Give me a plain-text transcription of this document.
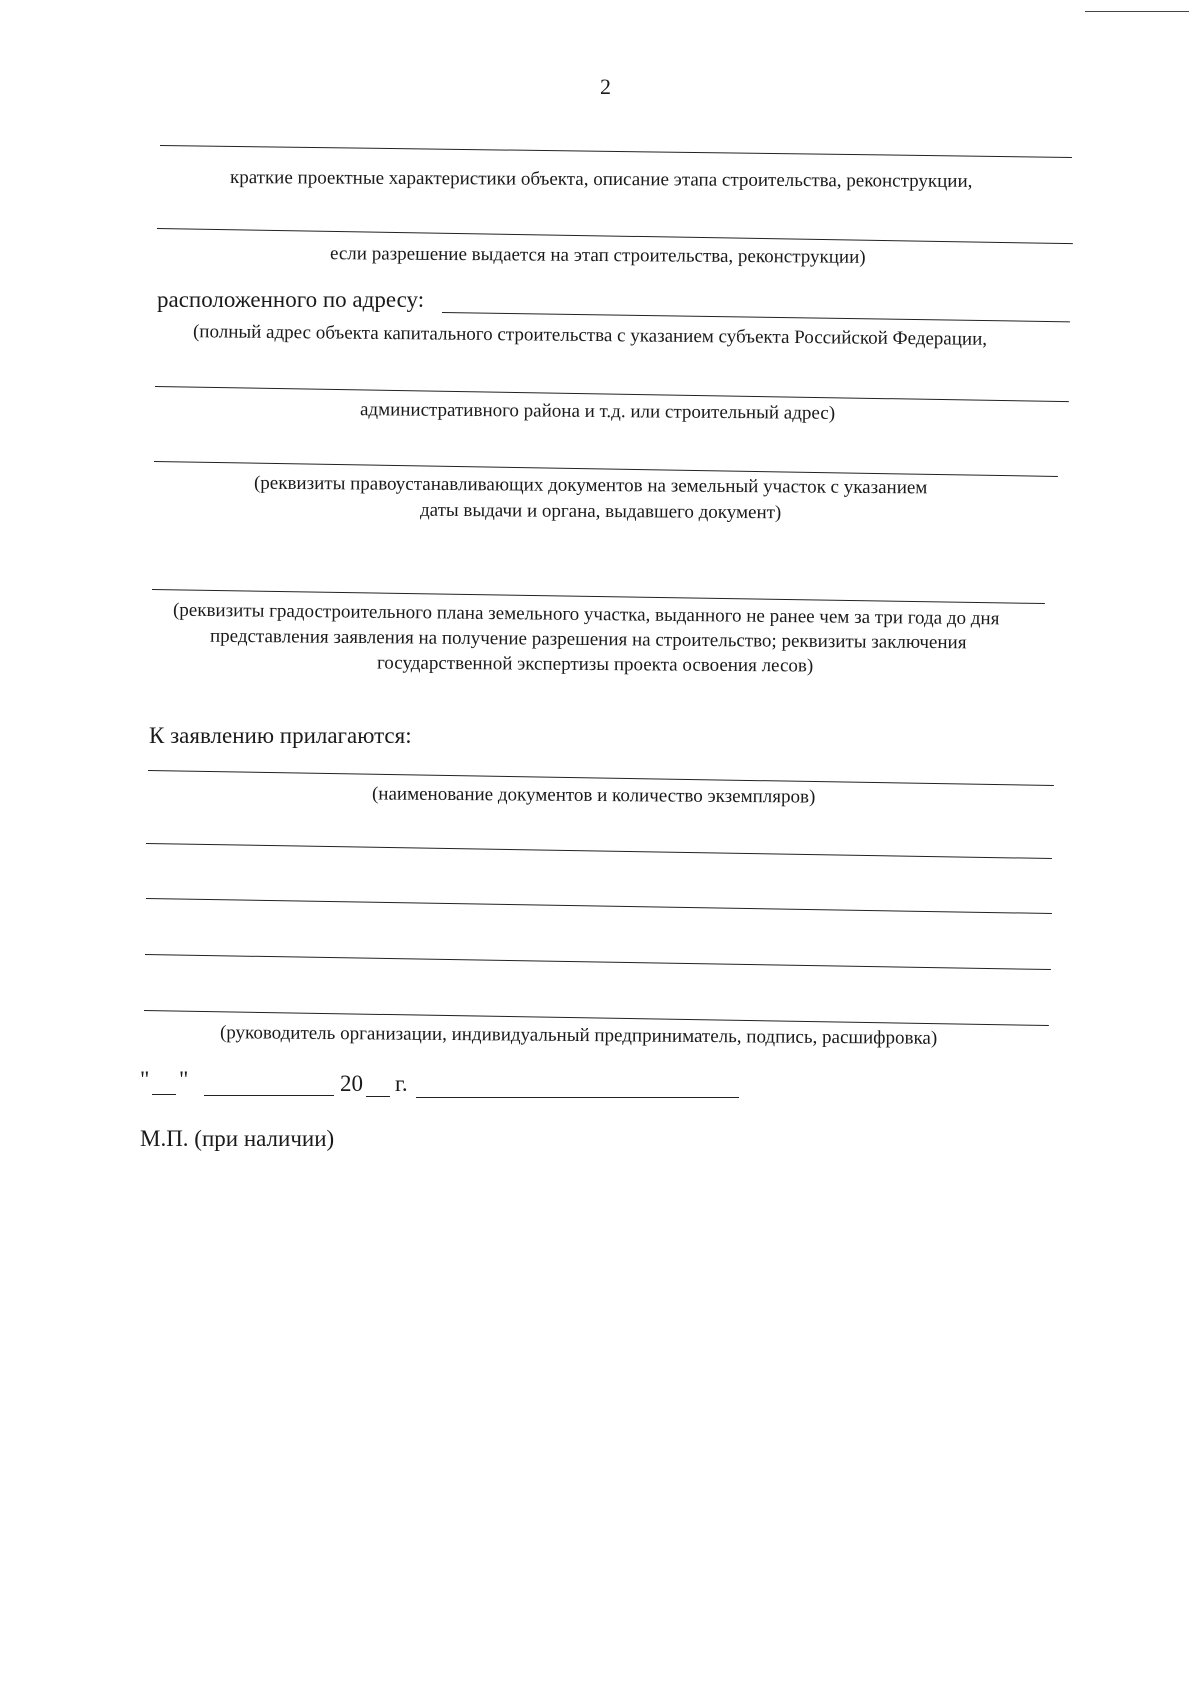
2
краткие проектные характеристики объекта, описание этапа строительства, реконструкции,
если разрешение выдается на этап строительства, реконструкции)
расположенного по адресу:
(полный адрес объекта капитального строительства с указанием субъекта Российской Федерации,
административного района и т.д. или строительный адрес)
(реквизиты правоустанавливающих документов на земельный участок с указанием
даты выдачи и органа, выдавшего документ)
(реквизиты градостроительного плана земельного участка, выданного не ранее чем за три года до дня
представления заявления на получение разрешения на строительство; реквизиты заключения
государственной экспертизы проекта освоения лесов)
К заявлению прилагаются:
(наименование документов и количество экземпляров)
(руководитель организации, индивидуальный предприниматель, подпись, расшифровка)
" "	20 г.
М.П. (при наличии)
